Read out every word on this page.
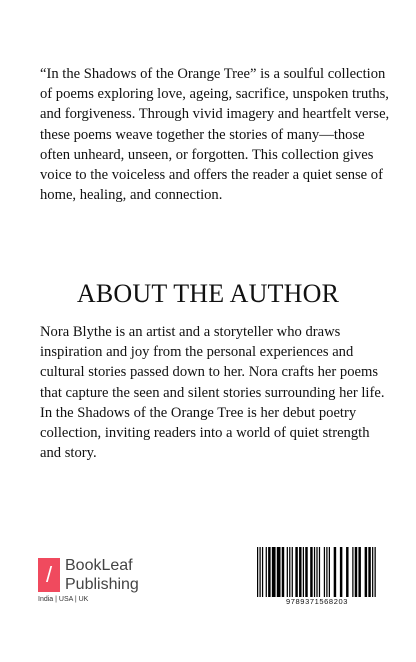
“In the Shadows of the Orange Tree” is a soulful collection of poems exploring love, ageing, sacrifice, unspoken truths, and forgiveness. Through vivid imagery and heartfelt verse, these poems weave together the stories of many—those often unheard, unseen, or forgotten. This collection gives voice to the voiceless and offers the reader a quiet sense of home, healing, and connection.

ABOUT THE AUTHOR

Nora Blythe is an artist and a storyteller who draws inspiration and joy from the personal experiences and cultural stories passed down to her. Nora crafts her poems that capture the seen and silent stories surrounding her life. In the Shadows of the Orange Tree is her debut poetry collection, inviting readers into a world of quiet strength and story.

/ BookLeaf
Publishing
India | USA | UK	9789371568203
